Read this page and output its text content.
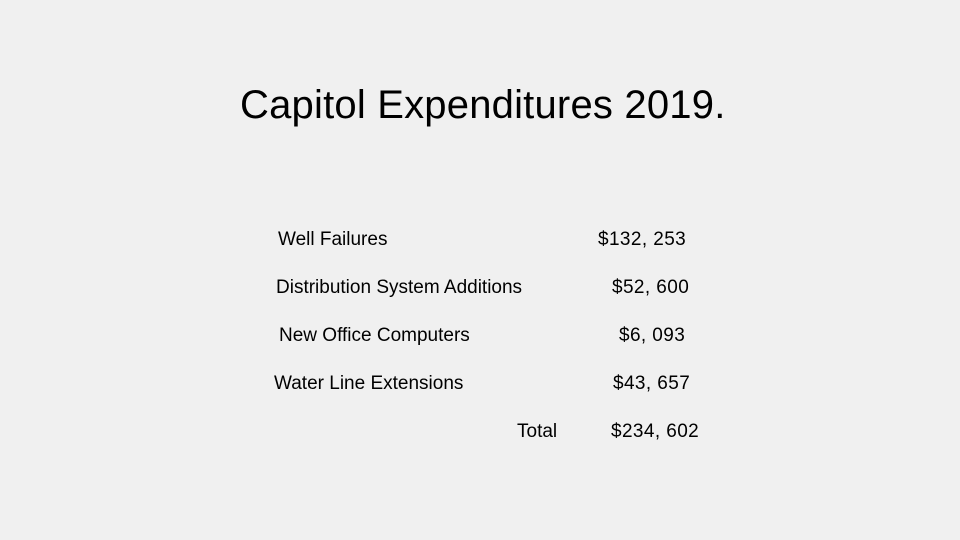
Capitol Expenditures 2019.
Well Failures	$132, 253
Distribution System Additions	$52, 600
New Office Computers	$6, 093
Water Line Extensions	$43, 657
Total	$234, 602
